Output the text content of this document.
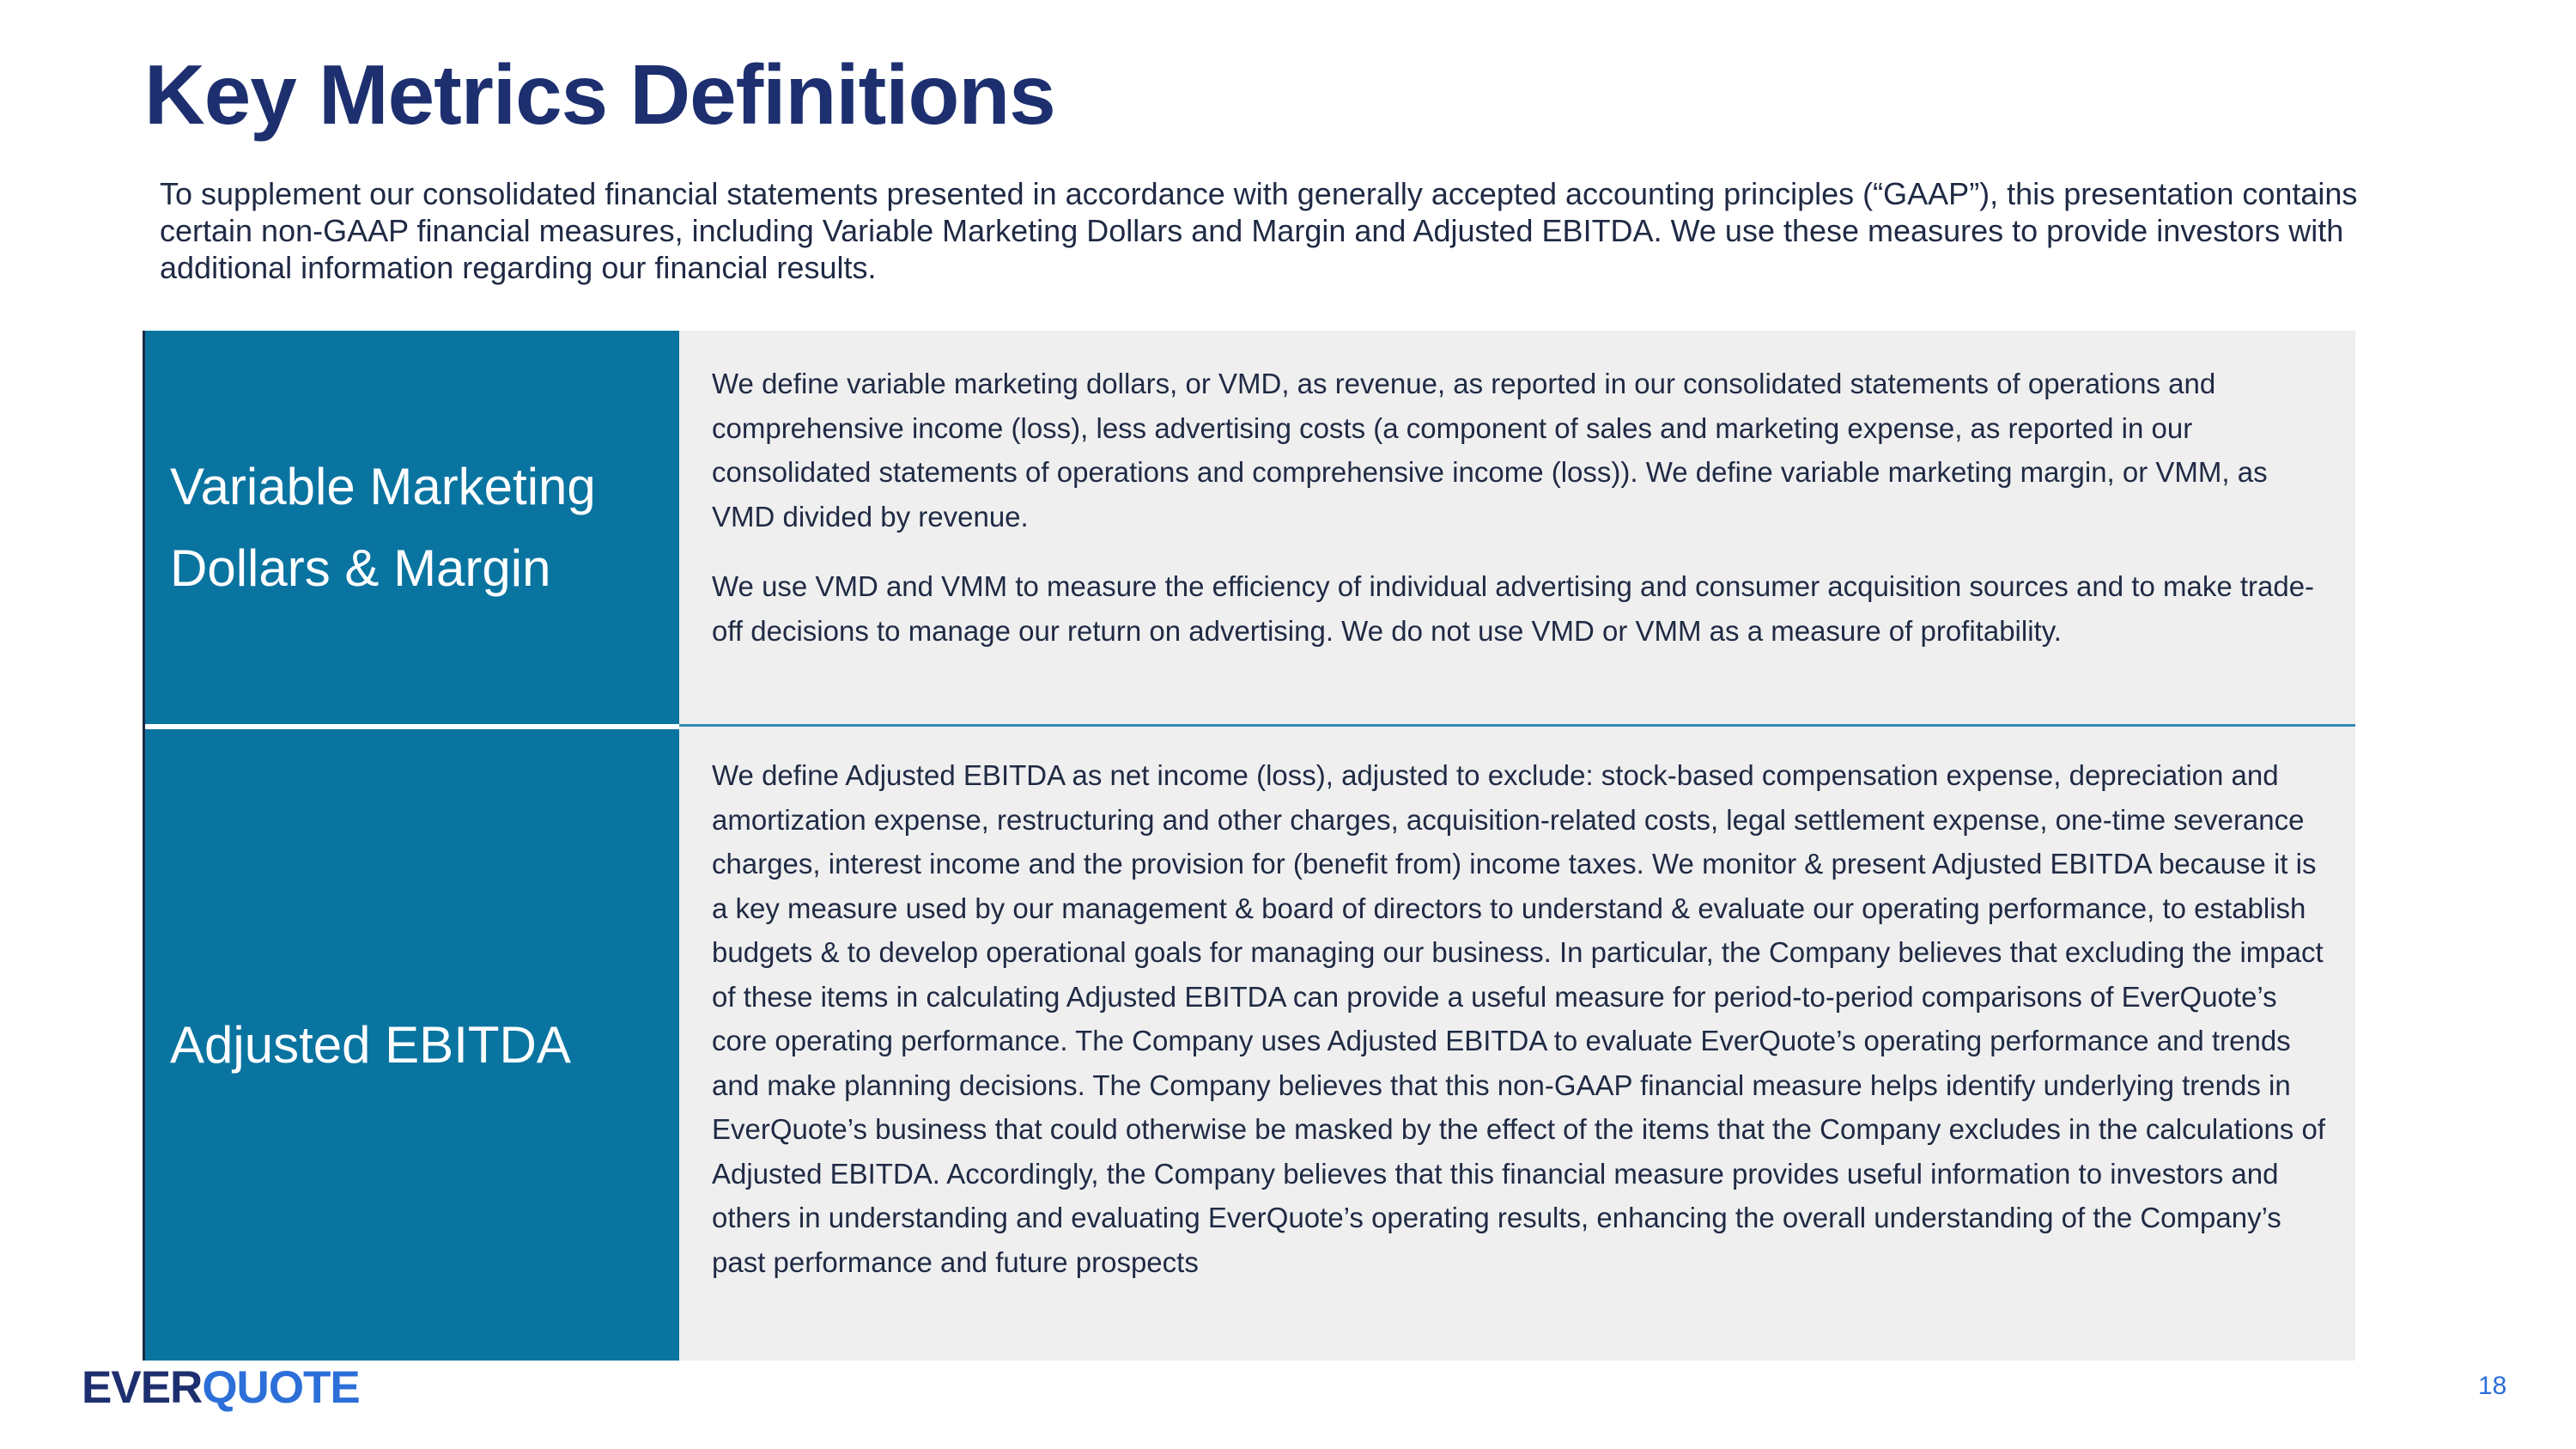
Key Metrics Definitions

To supplement our consolidated financial statements presented in accordance with generally accepted accounting principles (“GAAP”), this presentation contains certain non-GAAP financial measures, including Variable Marketing Dollars and Margin and Adjusted EBITDA. We use these measures to provide investors with additional information regarding our financial results.

Variable Marketing
Dollars & Margin

We define variable marketing dollars, or VMD, as revenue, as reported in our consolidated statements of operations and comprehensive income (loss), less advertising costs (a component of sales and marketing expense, as reported in our consolidated statements of operations and comprehensive income (loss)). We define variable marketing margin, or VMM, as VMD divided by revenue.

We use VMD and VMM to measure the efficiency of individual advertising and consumer acquisition sources and to make trade-off decisions to manage our return on advertising. We do not use VMD or VMM as a measure of profitability.

Adjusted EBITDA

We define Adjusted EBITDA as net income (loss), adjusted to exclude: stock-based compensation expense, depreciation and amortization expense, restructuring and other charges, acquisition-related costs, legal settlement expense, one-time severance charges, interest income and the provision for (benefit from) income taxes. We monitor & present Adjusted EBITDA because it is a key measure used by our management & board of directors to understand & evaluate our operating performance, to establish budgets & to develop operational goals for managing our business. In particular, the Company believes that excluding the impact of these items in calculating Adjusted EBITDA can provide a useful measure for period-to-period comparisons of EverQuote’s core operating performance. The Company uses Adjusted EBITDA to evaluate EverQuote’s operating performance and trends and make planning decisions. The Company believes that this non-GAAP financial measure helps identify underlying trends in EverQuote’s business that could otherwise be masked by the effect of the items that the Company excludes in the calculations of Adjusted EBITDA. Accordingly, the Company believes that this financial measure provides useful information to investors and others in understanding and evaluating EverQuote’s operating results, enhancing the overall understanding of the Company’s past performance and future prospects

EVERQUOTE	18
